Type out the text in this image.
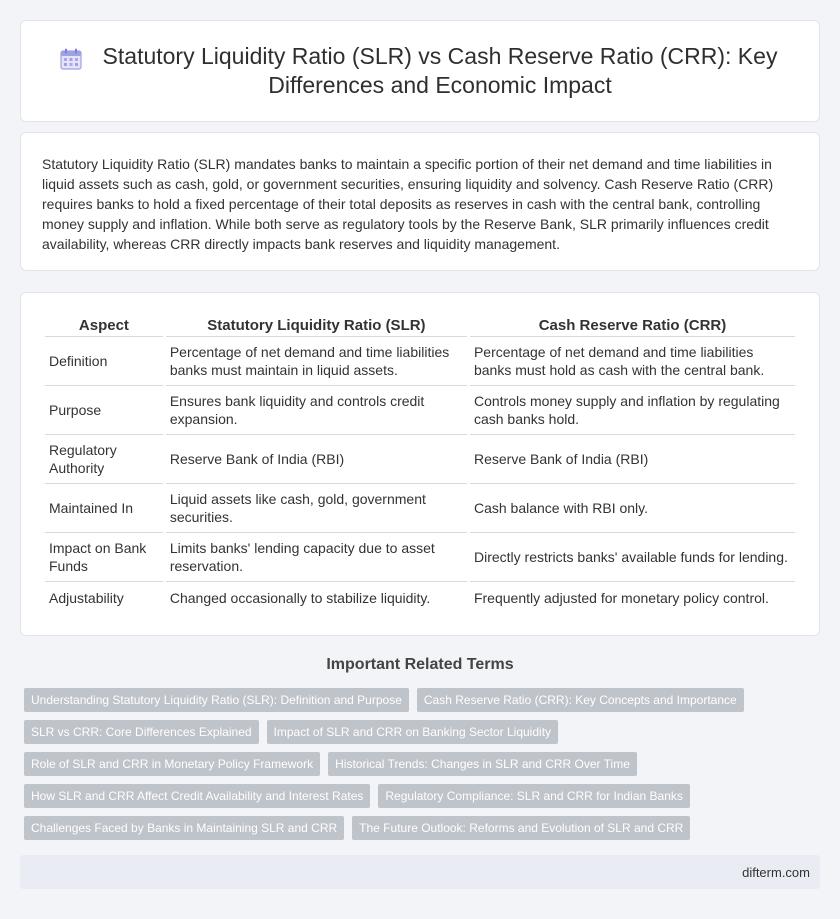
Statutory Liquidity Ratio (SLR) vs Cash Reserve Ratio (CRR): Key Differences and Economic Impact

Statutory Liquidity Ratio (SLR) mandates banks to maintain a specific portion of their net demand and time liabilities in liquid assets such as cash, gold, or government securities, ensuring liquidity and solvency. Cash Reserve Ratio (CRR) requires banks to hold a fixed percentage of their total deposits as reserves in cash with the central bank, controlling money supply and inflation. While both serve as regulatory tools by the Reserve Bank, SLR primarily influences credit availability, whereas CRR directly impacts bank reserves and liquidity management.

Aspect	Statutory Liquidity Ratio (SLR)	Cash Reserve Ratio (CRR)
Definition	Percentage of net demand and time liabilities banks must maintain in liquid assets.	Percentage of net demand and time liabilities banks must hold as cash with the central bank.
Purpose	Ensures bank liquidity and controls credit expansion.	Controls money supply and inflation by regulating cash banks hold.
Regulatory Authority	Reserve Bank of India (RBI)	Reserve Bank of India (RBI)
Maintained In	Liquid assets like cash, gold, government securities.	Cash balance with RBI only.
Impact on Bank Funds	Limits banks' lending capacity due to asset reservation.	Directly restricts banks' available funds for lending.
Adjustability	Changed occasionally to stabilize liquidity.	Frequently adjusted for monetary policy control.
Important Related Terms
Understanding Statutory Liquidity Ratio (SLR): Definition and Purpose	Cash Reserve Ratio (CRR): Key Concepts and Importance
SLR vs CRR: Core Differences Explained	Impact of SLR and CRR on Banking Sector Liquidity
Role of SLR and CRR in Monetary Policy Framework	Historical Trends: Changes in SLR and CRR Over Time
How SLR and CRR Affect Credit Availability and Interest Rates	Regulatory Compliance: SLR and CRR for Indian Banks
Challenges Faced by Banks in Maintaining SLR and CRR	The Future Outlook: Reforms and Evolution of SLR and CRR
difterm.com
